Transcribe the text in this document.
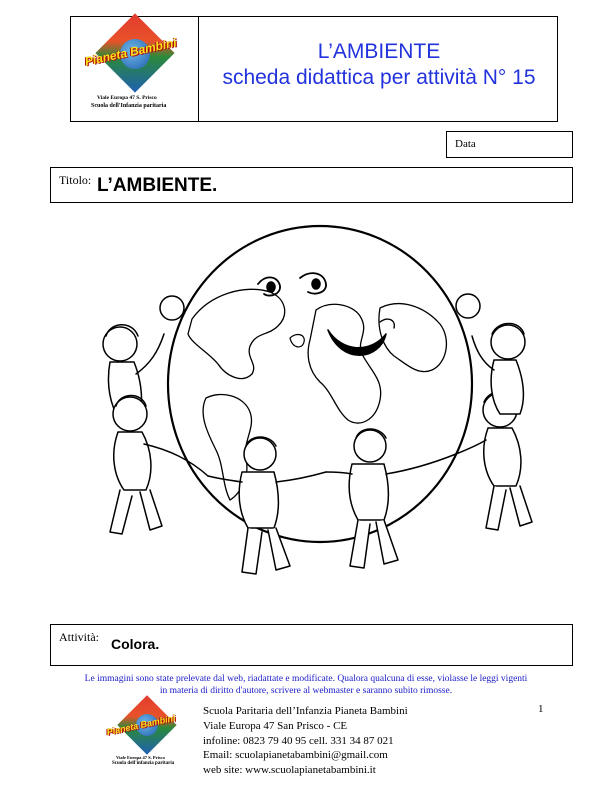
Pianeta Bambini
Viale Europa 47 S. Prisco
Scuola dell'Infanzia paritaria
L’AMBIENTE
scheda didattica per attività N° 15
Data
Titolo: L’AMBIENTE.
Attività: Colora.
Le immagini sono state prelevate dal web, riadattate e modificate. Qualora qualcuna di esse, violasse le leggi vigenti
in materia di diritto d'autore, scrivere al webmaster e saranno subito rimosse.
Pianeta Bambini
Viale Europa 47 S. Prisco
Scuola dell'infanzia paritaria
Scuola Paritaria dell’Infanzia Pianeta Bambini
Viale Europa 47 San Prisco - CE
infoline: 0823 79 40 95 cell. 331 34 87 021
Email: scuolapianetabambini@gmail.com
web site: www.scuolapianetabambini.it
1
